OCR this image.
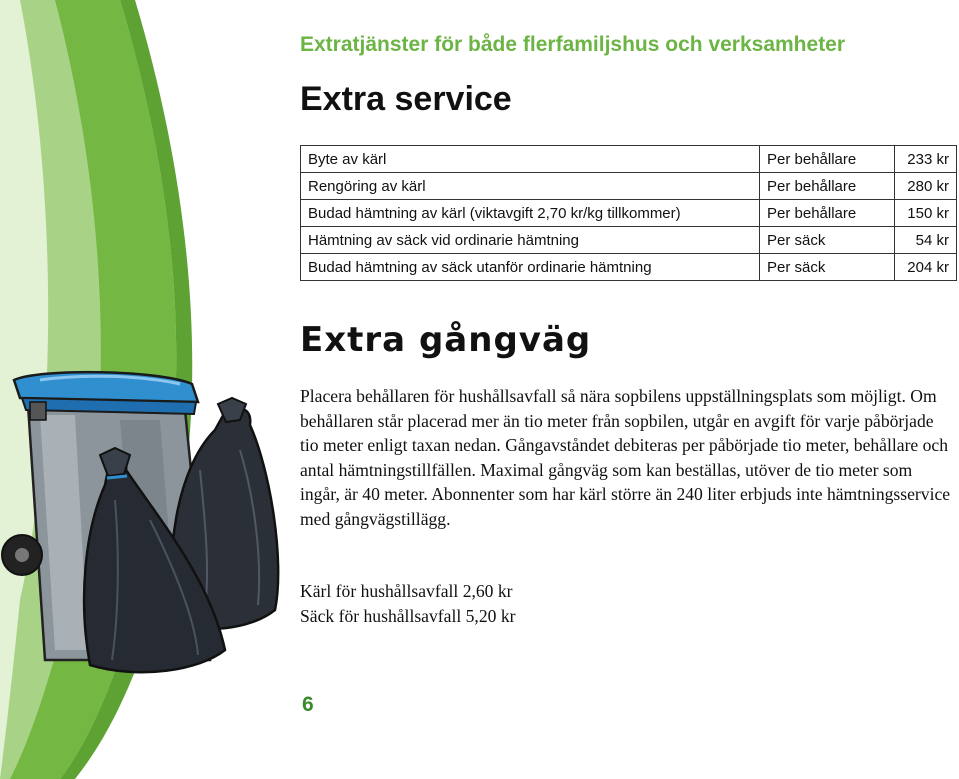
Extratjänster för både flerfamiljshus och verksamheter
Extra service
Byte av kärl	Per behållare	233 kr
Rengöring av kärl	Per behållare	280 kr
Budad hämtning av kärl (viktavgift 2,70 kr/kg tillkommer)	Per behållare	150 kr
Hämtning av säck vid ordinarie hämtning	Per säck	54 kr
Budad hämtning av säck utanför ordinarie hämtning	Per säck	204 kr
Extra gångväg

Placera behållaren för hushållsavfall så nära sopbilens uppställningsplats som möjligt. Om behållaren står placerad mer än tio meter från sopbilen, utgår en avgift för varje påbörjade tio meter enligt taxan nedan. Gångavståndet debiteras per påbörjade tio meter, behållare och antal hämtningstillfällen. Maximal gångväg som kan beställas, utöver de tio meter som ingår, är 40 meter. Abonnenter som har kärl större än 240 liter erbjuds inte hämtningsservice med gångvägstillägg.

Kärl för hushållsavfall 2,60 kr
Säck för hushållsavfall 5,20 kr
6
